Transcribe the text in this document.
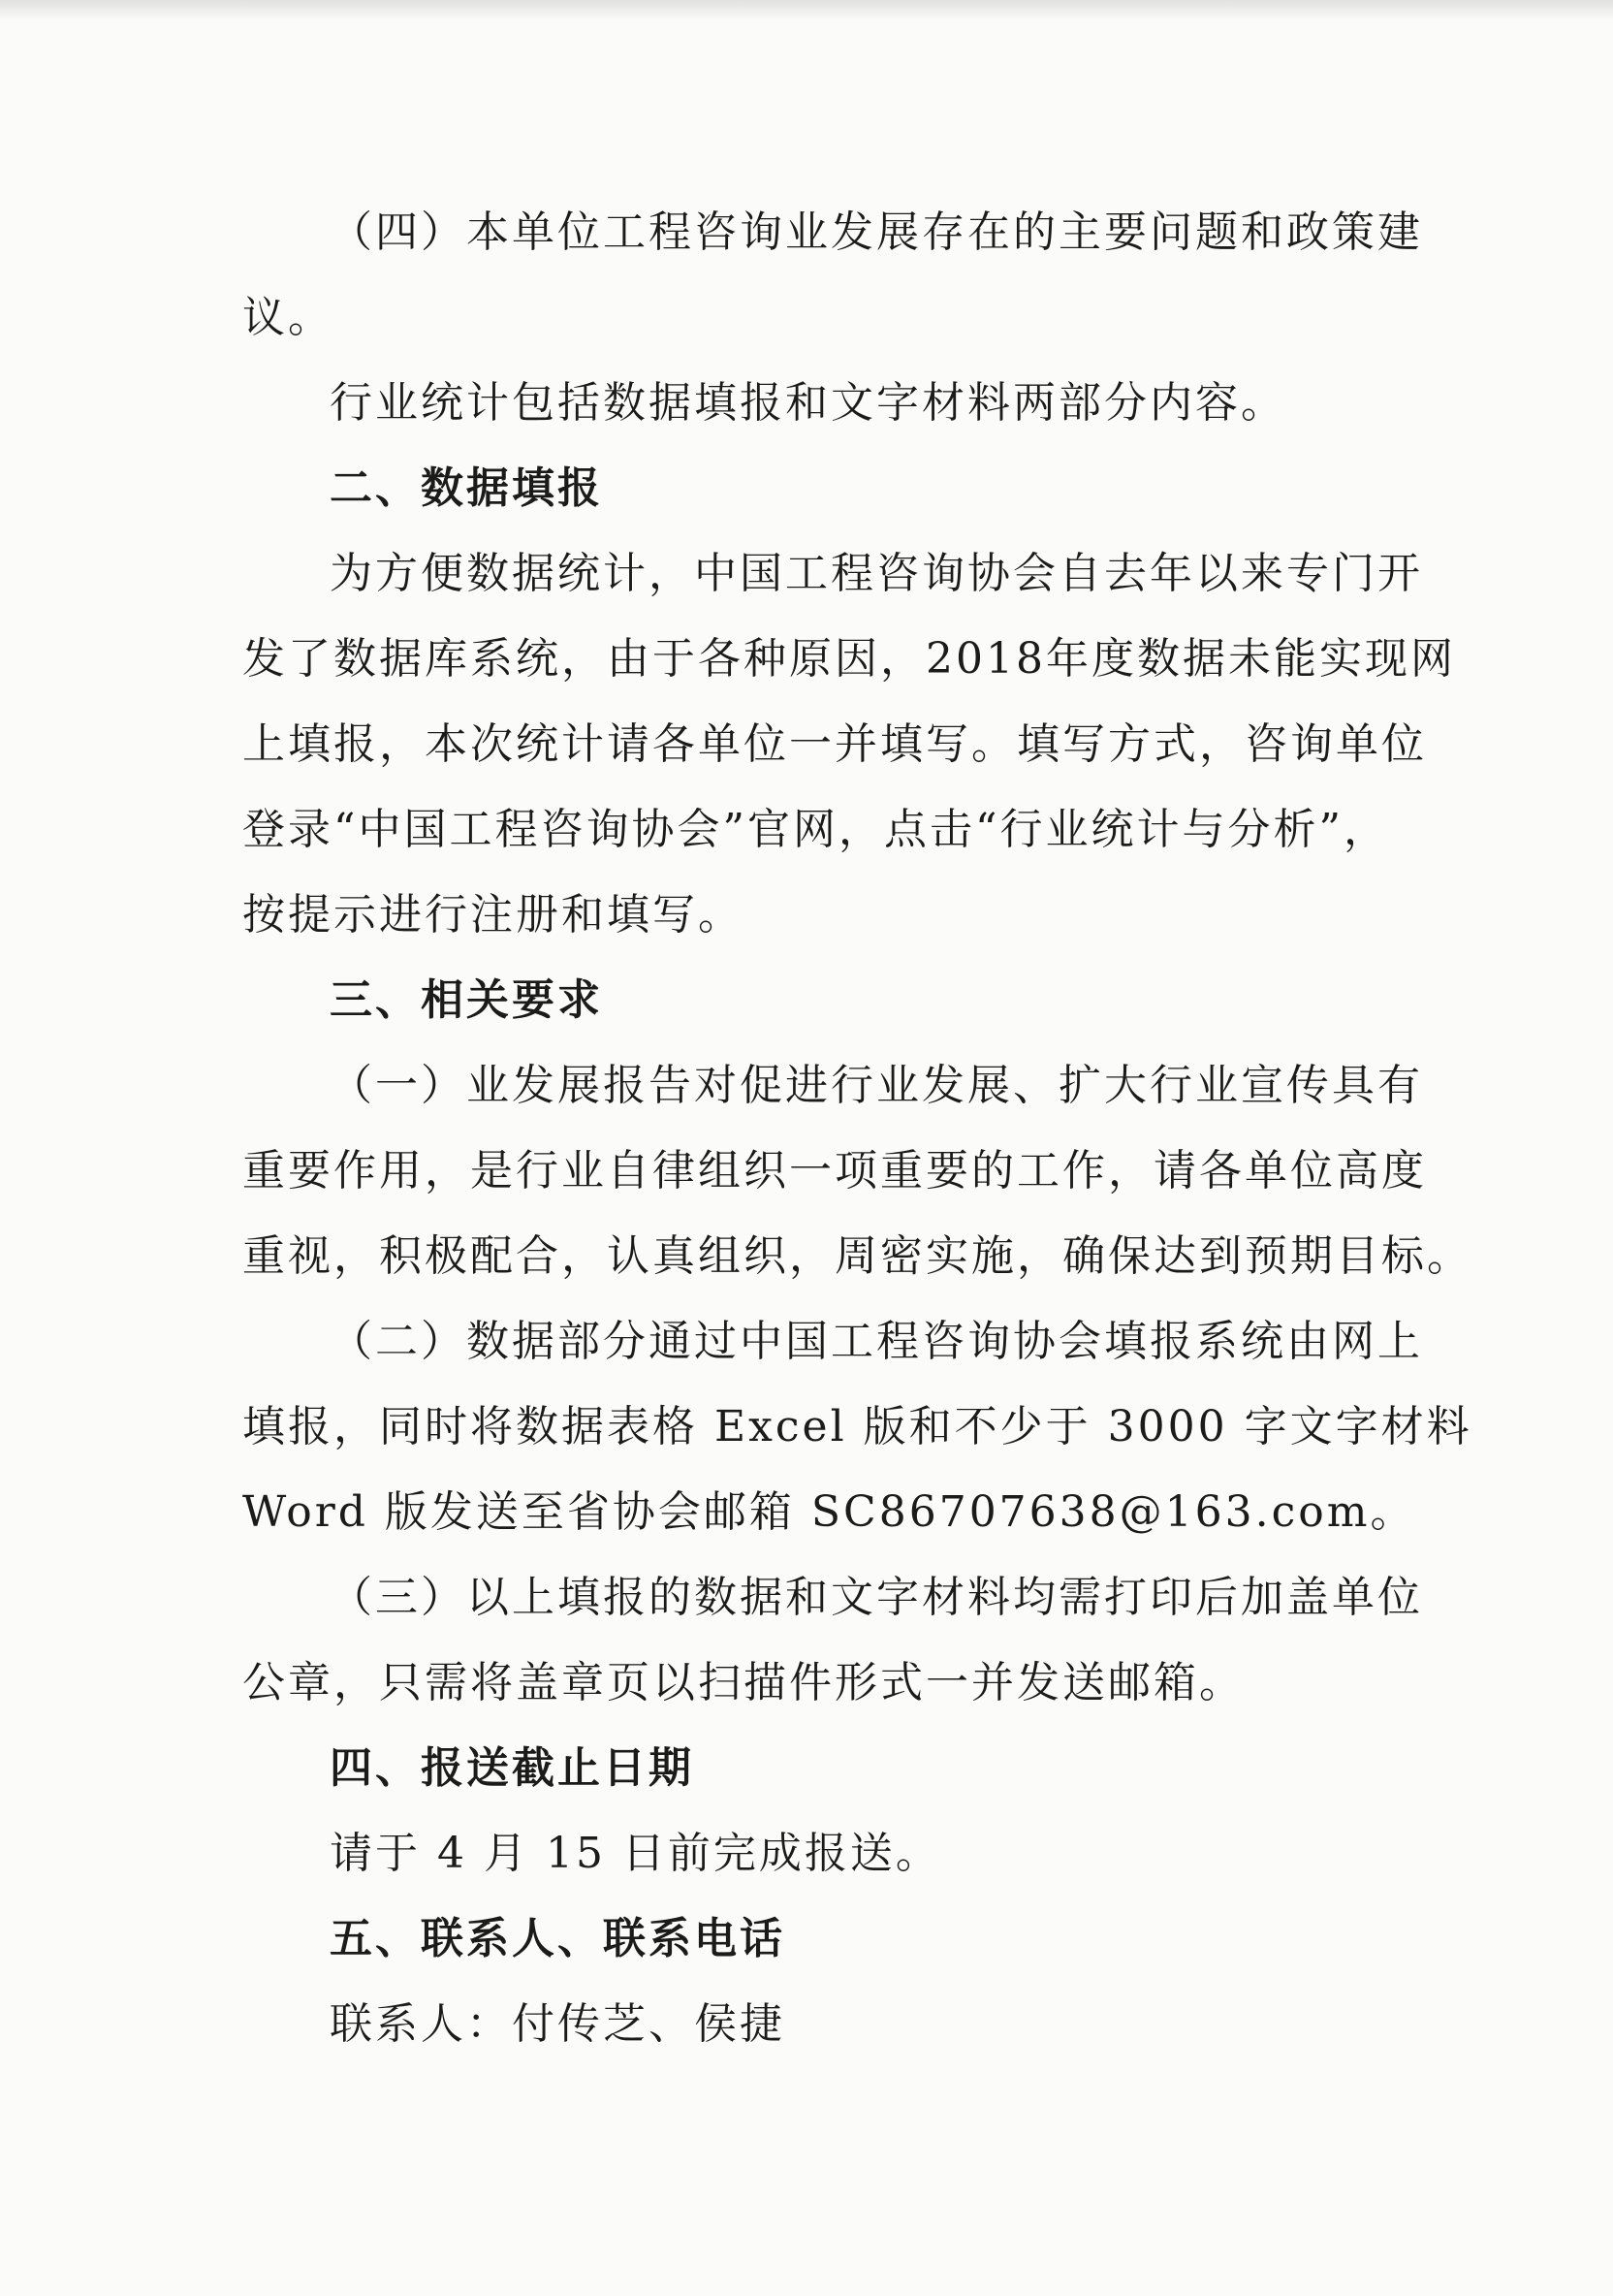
（四）本单位工程咨询业发展存在的主要问题和政策建
议。
行业统计包括数据填报和文字材料两部分内容。
二、数据填报
为方便数据统计，中国工程咨询协会自去年以来专门开
发了数据库系统，由于各种原因，2018年度数据未能实现网
上填报，本次统计请各单位一并填写。填写方式，咨询单位
登录“中国工程咨询协会”官网，点击“行业统计与分析”，
按提示进行注册和填写。
三、相关要求
（一）业发展报告对促进行业发展、扩大行业宣传具有
重要作用，是行业自律组织一项重要的工作，请各单位高度
重视，积极配合，认真组织，周密实施，确保达到预期目标。
（二）数据部分通过中国工程咨询协会填报系统由网上
填报，同时将数据表格 Excel 版和不少于 3000 字文字材料
Word 版发送至省协会邮箱 SC86707638@163.com。
（三）以上填报的数据和文字材料均需打印后加盖单位
公章，只需将盖章页以扫描件形式一并发送邮箱。
四、报送截止日期
请于 4 月 15 日前完成报送。
五、联系人、联系电话
联系人：付传芝、侯捷
